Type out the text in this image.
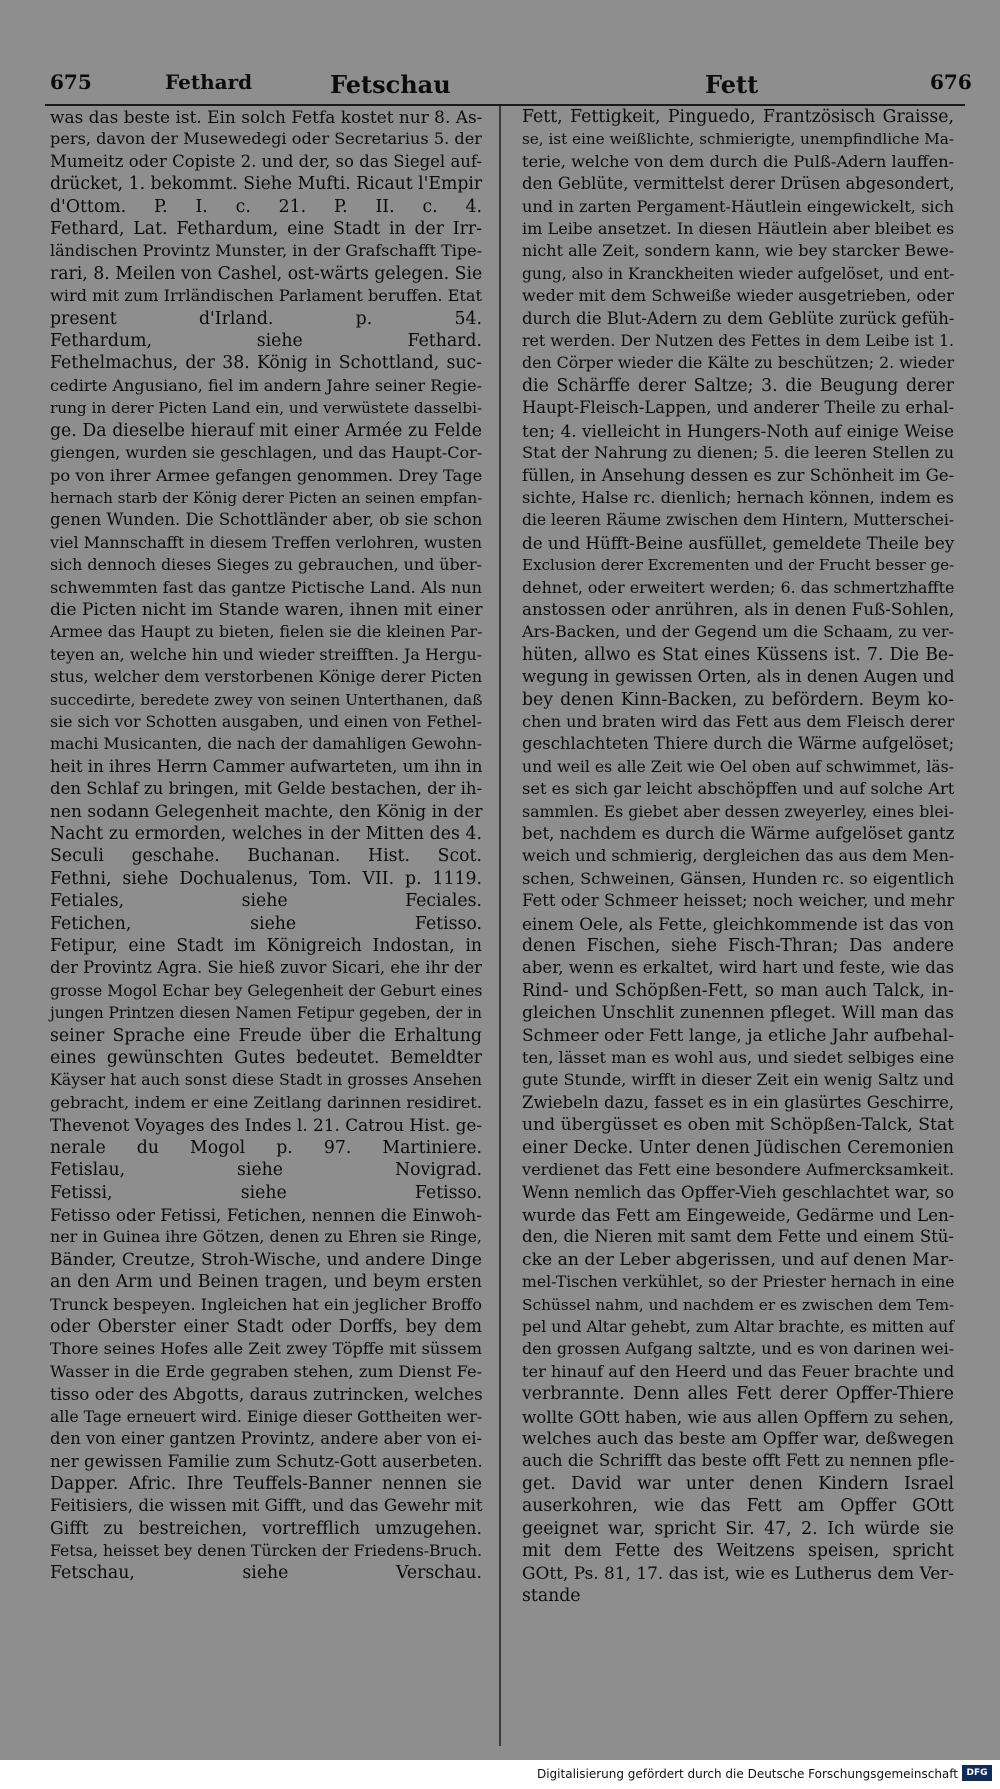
675	Fethard	Fetschau	Fett	676

was das beste ist. Ein solch Fetfa kostet nur 8. As-

pers, davon der Musewedegi oder Secretarius 5. der

Mumeitz oder Copiste 2. und der, so das Siegel auf-

drücket, 1. bekommt. Siehe Mufti. Ricaut l'Empir

d'Ottom. P. I. c. 21. P. II. c. 4.

Fethard, Lat. Fethardum, eine Stadt in der Irr-

ländischen Provintz Munster, in der Grafschafft Tipe-

rari, 8. Meilen von Cashel, ost-wärts gelegen. Sie

wird mit zum Irrländischen Parlament beruffen. Etat

present d'Irland. p. 54.

Fethardum, siehe Fethard.

Fethelmachus, der 38. König in Schottland, suc-

cedirte Angusiano, fiel im andern Jahre seiner Regie-

rung in derer Picten Land ein, und verwüstete dasselbi-

ge. Da dieselbe hierauf mit einer Armée zu Felde

giengen, wurden sie geschlagen, und das Haupt-Cor-

po von ihrer Armee gefangen genommen. Drey Tage

hernach starb der König derer Picten an seinen empfan-

genen Wunden. Die Schottländer aber, ob sie schon

viel Mannschafft in diesem Treffen verlohren, wusten

sich dennoch dieses Sieges zu gebrauchen, und über-

schwemmten fast das gantze Pictische Land. Als nun

die Picten nicht im Stande waren, ihnen mit einer

Armee das Haupt zu bieten, fielen sie die kleinen Par-

teyen an, welche hin und wieder streifften. Ja Hergu-

stus, welcher dem verstorbenen Könige derer Picten

succedirte, beredete zwey von seinen Unterthanen, daß

sie sich vor Schotten ausgaben, und einen von Fethel-

machi Musicanten, die nach der damahligen Gewohn-

heit in ihres Herrn Cammer aufwarteten, um ihn in

den Schlaf zu bringen, mit Gelde bestachen, der ih-

nen sodann Gelegenheit machte, den König in der

Nacht zu ermorden, welches in der Mitten des 4.

Seculi geschahe. Buchanan. Hist. Scot.

Fethni, siehe Dochualenus, Tom. VII. p. 1119.

Fetiales, siehe Feciales.

Fetichen, siehe Fetisso.

Fetipur, eine Stadt im Königreich Indostan, in

der Provintz Agra. Sie hieß zuvor Sicari, ehe ihr der

grosse Mogol Echar bey Gelegenheit der Geburt eines

jungen Printzen diesen Namen Fetipur gegeben, der in

seiner Sprache eine Freude über die Erhaltung

eines gewünschten Gutes bedeutet. Bemeldter

Käyser hat auch sonst diese Stadt in grosses Ansehen

gebracht, indem er eine Zeitlang darinnen residiret.

Thevenot Voyages des Indes l. 21. Catrou Hist. ge-

nerale du Mogol p. 97. Martiniere.

Fetislau, siehe Novigrad.

Fetissi, siehe Fetisso.

Fetisso oder Fetissi, Fetichen, nennen die Einwoh-

ner in Guinea ihre Götzen, denen zu Ehren sie Ringe,

Bänder, Creutze, Stroh-Wische, und andere Dinge

an den Arm und Beinen tragen, und beym ersten

Trunck bespeyen. Ingleichen hat ein jeglicher Broffo

oder Oberster einer Stadt oder Dorffs, bey dem

Thore seines Hofes alle Zeit zwey Töpffe mit süssem

Wasser in die Erde gegraben stehen, zum Dienst Fe-

tisso oder des Abgotts, daraus zutrincken, welches

alle Tage erneuert wird. Einige dieser Gottheiten wer-

den von einer gantzen Provintz, andere aber von ei-

ner gewissen Familie zum Schutz-Gott auserbeten.

Dapper. Afric. Ihre Teuffels-Banner nennen sie

Feitisiers, die wissen mit Gifft, und das Gewehr mit

Gifft zu bestreichen, vortrefflich umzugehen.

Fetsa, heisset bey denen Türcken der Friedens-Bruch.

Fetschau, siehe Verschau.

Fett, Fettigkeit, Pinguedo, Frantzösisch Graisse,

se, ist eine weißlichte, schmierigte, unempfindliche Ma-

terie, welche von dem durch die Pulß-Adern lauffen-

den Geblüte, vermittelst derer Drüsen abgesondert,

und in zarten Pergament-Häutlein eingewickelt, sich

im Leibe ansetzet. In diesen Häutlein aber bleibet es

nicht alle Zeit, sondern kann, wie bey starcker Bewe-

gung, also in Kranckheiten wieder aufgelöset, und ent-

weder mit dem Schweiße wieder ausgetrieben, oder

durch die Blut-Adern zu dem Geblüte zurück gefüh-

ret werden. Der Nutzen des Fettes in dem Leibe ist 1.

den Cörper wieder die Kälte zu beschützen; 2. wieder

die Schärffe derer Saltze; 3. die Beugung derer

Haupt-Fleisch-Lappen, und anderer Theile zu erhal-

ten; 4. vielleicht in Hungers-Noth auf einige Weise

Stat der Nahrung zu dienen; 5. die leeren Stellen zu

füllen, in Ansehung dessen es zur Schönheit im Ge-

sichte, Halse rc. dienlich; hernach können, indem es

die leeren Räume zwischen dem Hintern, Mutterschei-

de und Hüfft-Beine ausfüllet, gemeldete Theile bey

Exclusion derer Excrementen und der Frucht besser ge-

dehnet, oder erweitert werden; 6. das schmertzhaffte

anstossen oder anrühren, als in denen Fuß-Sohlen,

Ars-Backen, und der Gegend um die Schaam, zu ver-

hüten, allwo es Stat eines Küssens ist. 7. Die Be-

wegung in gewissen Orten, als in denen Augen und

bey denen Kinn-Backen, zu befördern. Beym ko-

chen und braten wird das Fett aus dem Fleisch derer

geschlachteten Thiere durch die Wärme aufgelöset;

und weil es alle Zeit wie Oel oben auf schwimmet, läs-

set es sich gar leicht abschöpffen und auf solche Art

sammlen. Es giebet aber dessen zweyerley, eines blei-

bet, nachdem es durch die Wärme aufgelöset gantz

weich und schmierig, dergleichen das aus dem Men-

schen, Schweinen, Gänsen, Hunden rc. so eigentlich

Fett oder Schmeer heisset; noch weicher, und mehr

einem Oele, als Fette, gleichkommende ist das von

denen Fischen, siehe Fisch-Thran; Das andere

aber, wenn es erkaltet, wird hart und feste, wie das

Rind- und Schöpßen-Fett, so man auch Talck, in-

gleichen Unschlit zunennen pfleget. Will man das

Schmeer oder Fett lange, ja etliche Jahr aufbehal-

ten, lässet man es wohl aus, und siedet selbiges eine

gute Stunde, wirfft in dieser Zeit ein wenig Saltz und

Zwiebeln dazu, fasset es in ein glasürtes Geschirre,

und übergüsset es oben mit Schöpßen-Talck, Stat

einer Decke. Unter denen Jüdischen Ceremonien

verdienet das Fett eine besondere Aufmercksamkeit.

Wenn nemlich das Opffer-Vieh geschlachtet war, so

wurde das Fett am Eingeweide, Gedärme und Len-

den, die Nieren mit samt dem Fette und einem Stü-

cke an der Leber abgerissen, und auf denen Mar-

mel-Tischen verkühlet, so der Priester hernach in eine

Schüssel nahm, und nachdem er es zwischen dem Tem-

pel und Altar gehebt, zum Altar brachte, es mitten auf

den grossen Aufgang saltzte, und es von darinen wei-

ter hinauf auf den Heerd und das Feuer brachte und

verbrannte. Denn alles Fett derer Opffer-Thiere

wollte GOtt haben, wie aus allen Opffern zu sehen,

welches auch das beste am Opffer war, deßwegen

auch die Schrifft das beste offt Fett zu nennen pfle-

get. David war unter denen Kindern Israel

auserkohren, wie das Fett am Opffer GOtt

geeignet war, spricht Sir. 47, 2. Ich würde sie

mit dem Fette des Weitzens speisen, spricht

GOtt, Ps. 81, 17. das ist, wie es Lutherus dem Ver-

stande

Digitalisierung gefördert durch die Deutsche Forschungsgemeinschaft DFG
